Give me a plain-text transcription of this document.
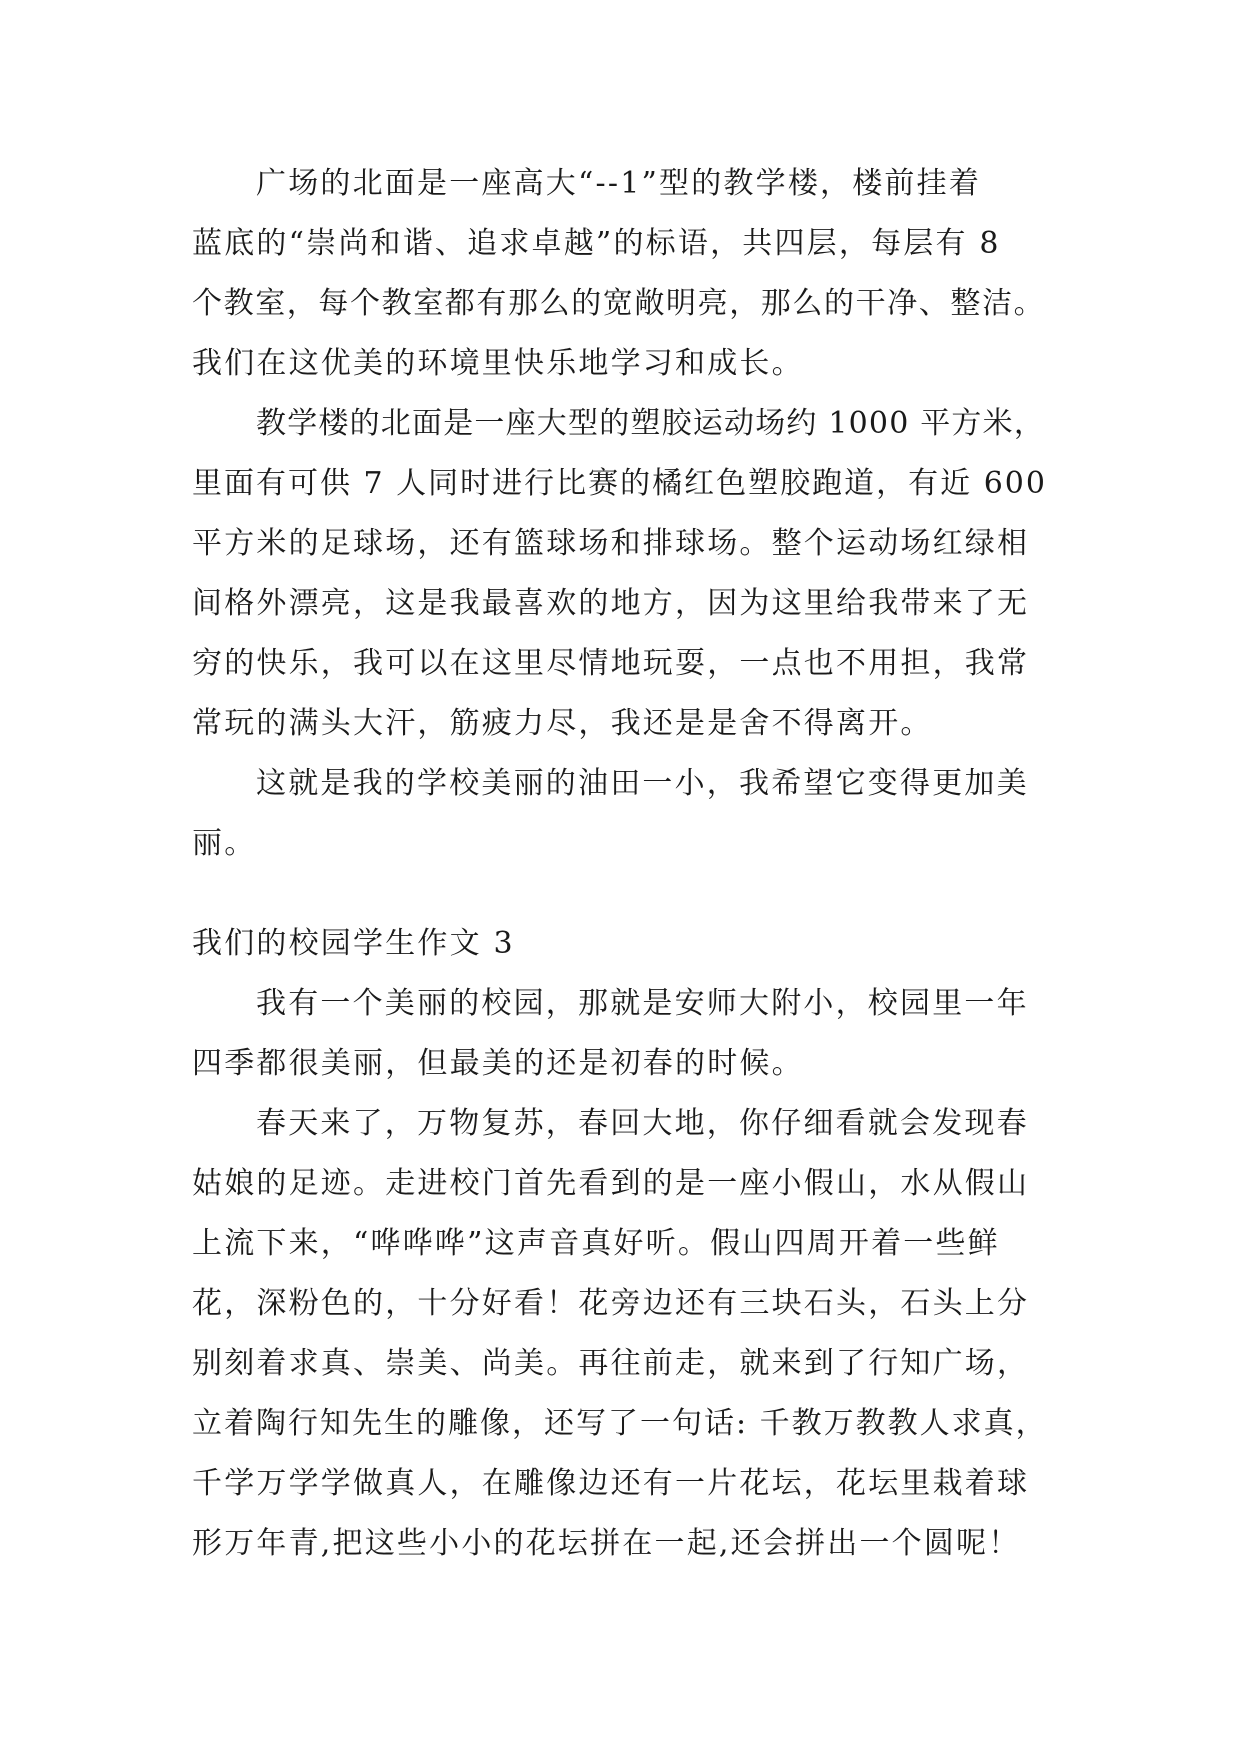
广场的北面是一座高大“--1”型的教学楼，楼前挂着
蓝底的“崇尚和谐、追求卓越”的标语，共四层，每层有 8
个教室，每个教室都有那么的宽敞明亮，那么的干净、整洁。
我们在这优美的环境里快乐地学习和成长。
教学楼的北面是一座大型的塑胶运动场约 1000 平方米，
里面有可供 7 人同时进行比赛的橘红色塑胶跑道，有近 600
平方米的足球场，还有篮球场和排球场。整个运动场红绿相
间格外漂亮，这是我最喜欢的地方，因为这里给我带来了无
穷的快乐，我可以在这里尽情地玩耍，一点也不用担，我常
常玩的满头大汗，筋疲力尽，我还是是舍不得离开。
这就是我的学校美丽的油田一小，我希望它变得更加美
丽。
我们的校园学生作文 3
我有一个美丽的校园，那就是安师大附小，校园里一年
四季都很美丽，但最美的还是初春的时候。
春天来了，万物复苏，春回大地，你仔细看就会发现春
姑娘的足迹。走进校门首先看到的是一座小假山，水从假山
上流下来，“哗哗哗”这声音真好听。假山四周开着一些鲜
花，深粉色的，十分好看！花旁边还有三块石头，石头上分
别刻着求真、崇美、尚美。再往前走，就来到了行知广场，
立着陶行知先生的雕像，还写了一句话: 千教万教教人求真，
千学万学学做真人，在雕像边还有一片花坛，花坛里栽着球
形万年青,把这些小小的花坛拼在一起,还会拼出一个圆呢！
